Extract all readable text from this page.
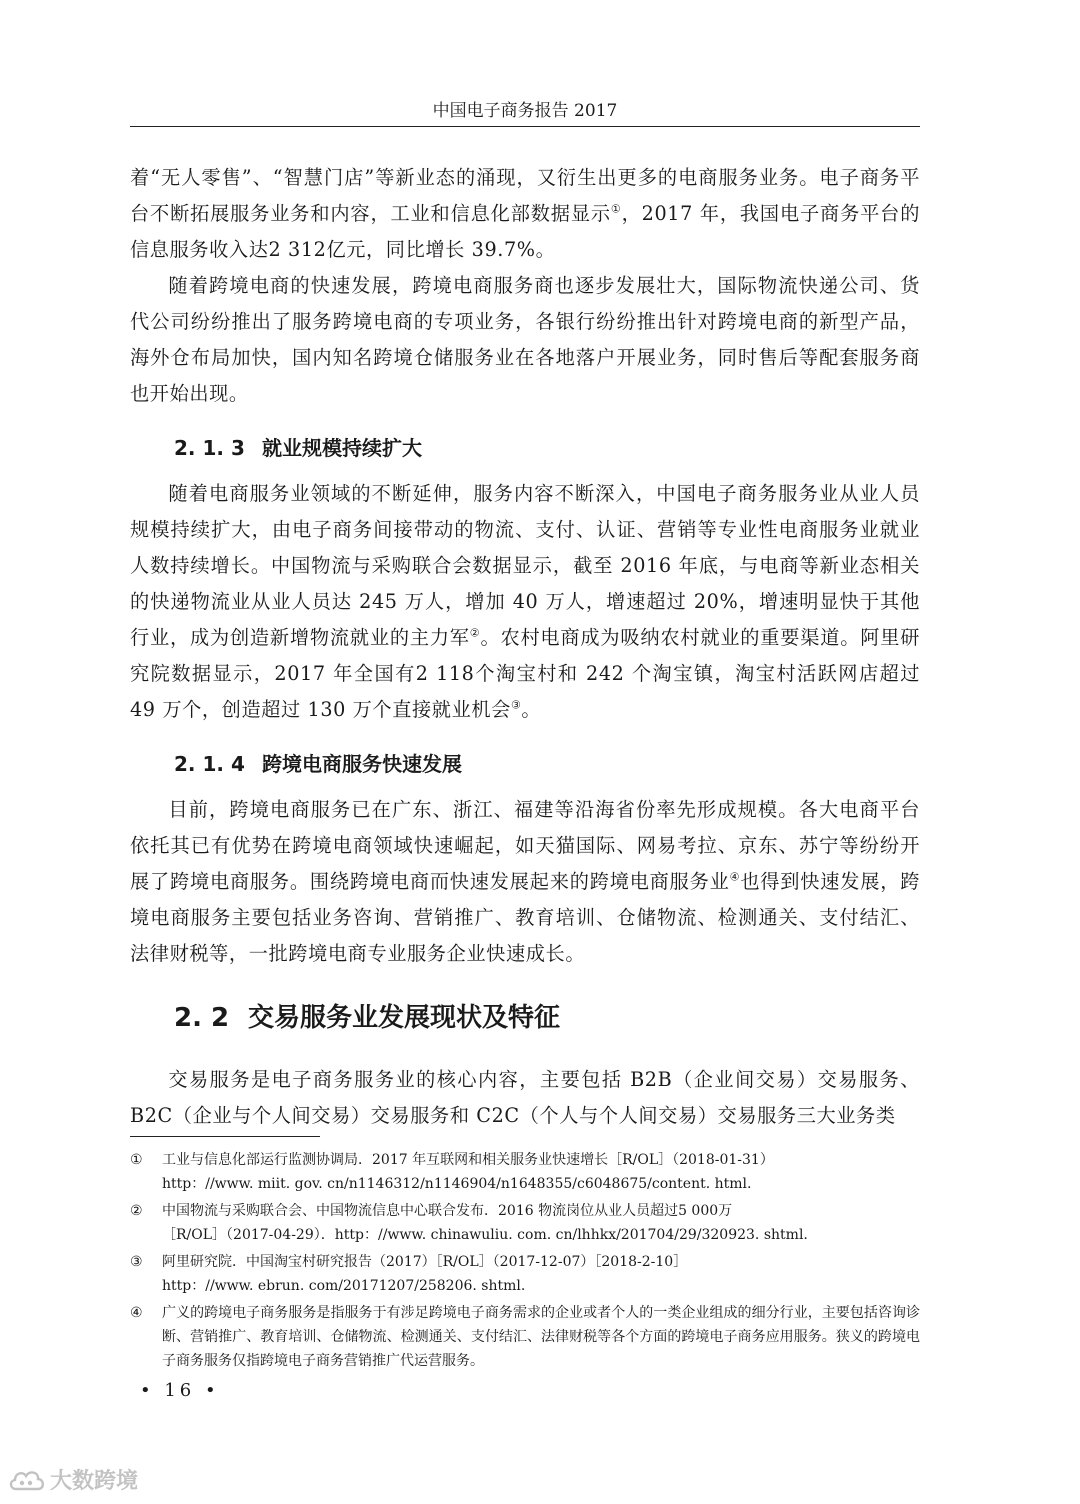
中国电子商务报告 2017

着“无人零售”、“智慧门店”等新业态的涌现，又衍生出更多的电商服务业务。电子商务平台不断拓展服务业务和内容，工业和信息化部数据显示①，2017 年，我国电子商务平台的信息服务收入达2 312亿元，同比增长 39.7%。

随着跨境电商的快速发展，跨境电商服务商也逐步发展壮大，国际物流快递公司、货代公司纷纷推出了服务跨境电商的专项业务，各银行纷纷推出针对跨境电商的新型产品，海外仓布局加快，国内知名跨境仓储服务业在各地落户开展业务，同时售后等配套服务商也开始出现。

2. 1. 3 就业规模持续扩大

随着电商服务业领域的不断延伸，服务内容不断深入，中国电子商务服务业从业人员规模持续扩大，由电子商务间接带动的物流、支付、认证、营销等专业性电商服务业就业人数持续增长。中国物流与采购联合会数据显示，截至 2016 年底，与电商等新业态相关的快递物流业从业人员达 245 万人，增加 40 万人，增速超过 20%，增速明显快于其他行业，成为创造新增物流就业的主力军②。农村电商成为吸纳农村就业的重要渠道。阿里研究院数据显示，2017 年全国有2 118个淘宝村和 242 个淘宝镇，淘宝村活跃网店超过 49 万个，创造超过 130 万个直接就业机会③。

2. 1. 4 跨境电商服务快速发展

目前，跨境电商服务已在广东、浙江、福建等沿海省份率先形成规模。各大电商平台依托其已有优势在跨境电商领域快速崛起，如天猫国际、网易考拉、京东、苏宁等纷纷开展了跨境电商服务。围绕跨境电商而快速发展起来的跨境电商服务业④也得到快速发展，跨境电商服务主要包括业务咨询、营销推广、教育培训、仓储物流、检测通关、支付结汇、法律财税等，一批跨境电商专业服务企业快速成长。

2. 2 交易服务业发展现状及特征

交易服务是电子商务服务业的核心内容，主要包括 B2B（企业间交易）交易服务、B2C（企业与个人间交易）交易服务和 C2C（个人与个人间交易）交易服务三大业务类

①	工业与信息化部运行监测协调局．2017 年互联网和相关服务业快速增长［R/OL］（2018-01-31）
http：//www. miit. gov. cn/n1146312/n1146904/n1648355/c6048675/content. html.
②	中国物流与采购联合会、中国物流信息中心联合发布．2016 物流岗位从业人员超过5 000万
［R/OL］（2017-04-29）．http：//www. chinawuliu. com. cn/lhhkx/201704/29/320923. shtml.
③	阿里研究院．中国淘宝村研究报告（2017）［R/OL］（2017-12-07）［2018-2-10］
http：//www. ebrun. com/20171207/258206. shtml.
④	广义的跨境电子商务服务是指服务于有涉足跨境电子商务需求的企业或者个人的一类企业组成的细分行业，主要包括咨询诊断、营销推广、教育培训、仓储物流、检测通关、支付结汇、法律财税等各个方面的跨境电子商务应用服务。狭义的跨境电子商务服务仅指跨境电子商务营销推广代运营服务。
• 16 •
大数跨境
